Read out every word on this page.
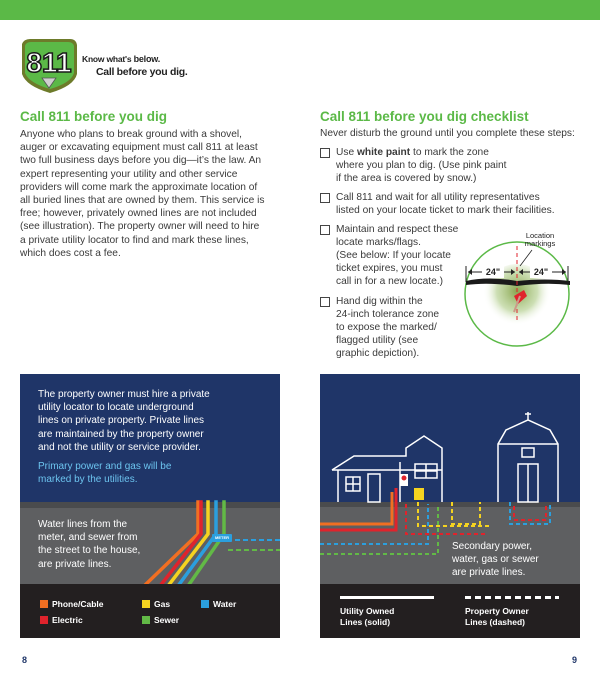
811 Know what's below.
Call before you dig.
Call 811 before you dig
Anyone who plans to break ground with a shovel, auger or excavating equipment must call 811 at least two full business days before you dig—it’s the law. An expert representing your utility and other service providers will come mark the approximate location of all buried lines that are owned by them. This service is free; however, privately owned lines are not included (see illustration). The property owner will need to hire a private utility locator to find and mark these lines, which does cost a fee.
Call 811 before you dig checklist
Never disturb the ground until you complete these steps:
Use white paint to mark the zone
where you plan to dig. (Use pink paint
if the area is covered by snow.)
Call 811 and wait for all utility representatives
listed on your locate ticket to mark their facilities.
Maintain and respect these
locate marks/flags.
(See below: If your locate
ticket expires, you must
call in for a new locate.)
Hand dig within the
24-inch tolerance zone
to expose the marked/
flagged utility (see
graphic depiction).
24"	24"
Location
markings
The property owner must hire a private
utility locator to locate underground
lines on private property. Private lines
are maintained by the property owner
and not the utility or service provider.
Primary power and gas will be
marked by the utilities.
METER
Water lines from the
meter, and sewer from
the street to the house,
are private lines.
Phone/Cable
Electric
Gas
Sewer
Water
Secondary power,
water, gas or sewer
are private lines.
Utility Owned
Lines (solid)
Property Owner
Lines (dashed)
8	9
